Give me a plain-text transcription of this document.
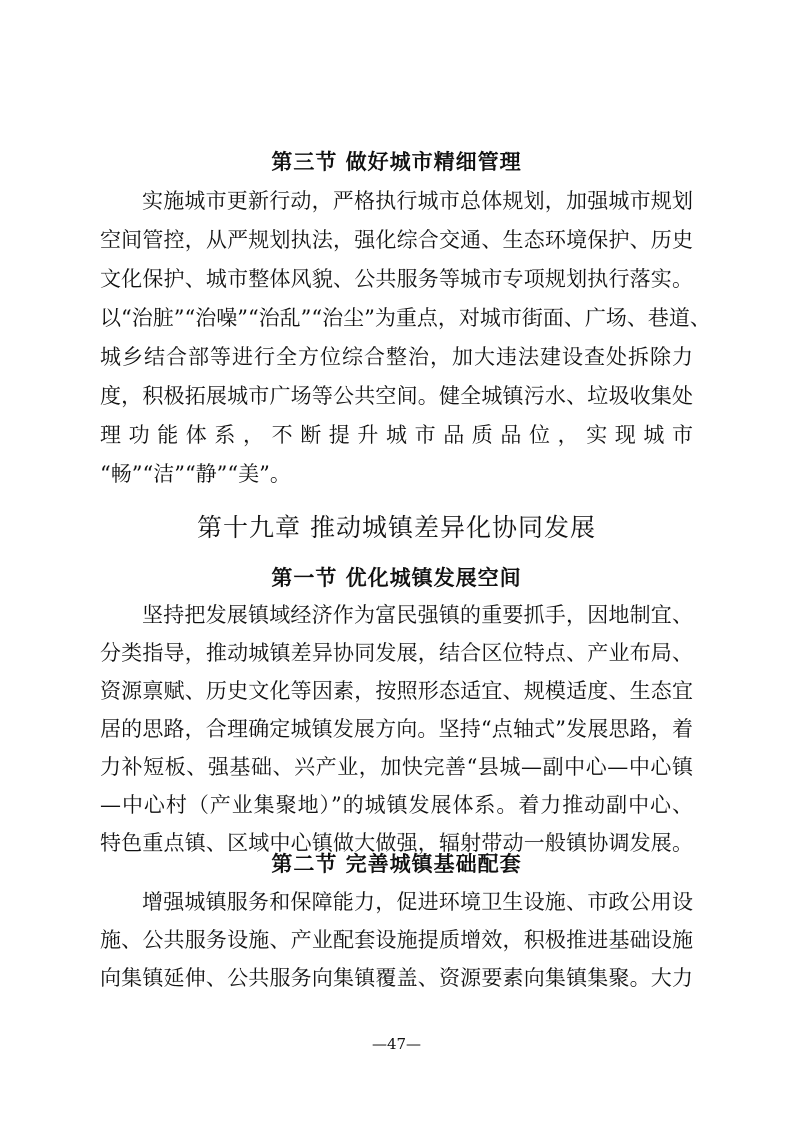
第三节 做好城市精细管理
实施城市更新行动，严格执行城市总体规划，加强城市规划
空间管控，从严规划执法，强化综合交通、生态环境保护、历史
文化保护、城市整体风貌、公共服务等城市专项规划执行落实。
以“治脏”“治噪”“治乱”“治尘”为重点，对城市街面、广场、巷道、
城乡结合部等进行全方位综合整治，加大违法建设查处拆除力
度，积极拓展城市广场等公共空间。健全城镇污水、垃圾收集处
理 功 能 体 系 ， 不 断 提 升 城 市 品 质 品 位 ， 实 现 城 市
“畅”“洁”“静”“美”。
第十九章 推动城镇差异化协同发展
第一节 优化城镇发展空间
坚持把发展镇域经济作为富民强镇的重要抓手，因地制宜、
分类指导，推动城镇差异协同发展，结合区位特点、产业布局、
资源禀赋、历史文化等因素，按照形态适宜、规模适度、生态宜
居的思路，合理确定城镇发展方向。坚持“点轴式”发展思路，着
力补短板、强基础、兴产业，加快完善“县城—副中心—中心镇
—中心村（产业集聚地）”的城镇发展体系。着力推动副中心、
特色重点镇、区域中心镇做大做强，辐射带动一般镇协调发展。
第二节 完善城镇基础配套
增强城镇服务和保障能力，促进环境卫生设施、市政公用设
施、公共服务设施、产业配套设施提质增效，积极推进基础设施
向集镇延伸、公共服务向集镇覆盖、资源要素向集镇集聚。大力
—47—
